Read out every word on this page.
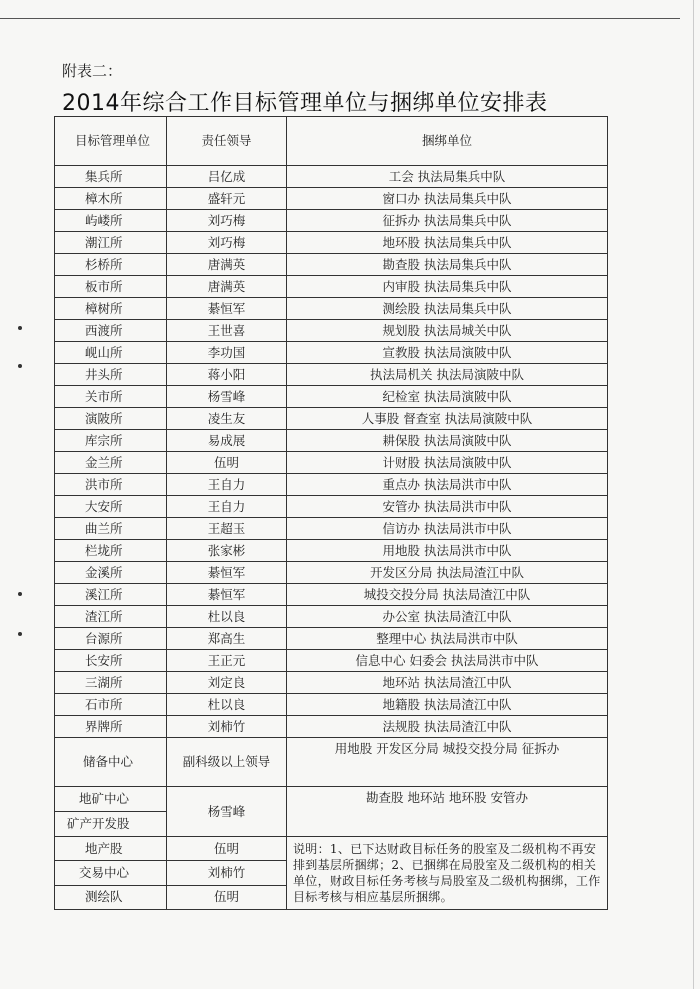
附表二：
2014年综合工作目标管理单位与捆绑单位安排表
目标管理单位	责任领导	捆绑单位
集兵所	吕亿成	工会 执法局集兵中队
樟木所	盛轩元	窗口办 执法局集兵中队
屿嵝所	刘巧梅	征拆办 执法局集兵中队
潮江所	刘巧梅	地环股 执法局集兵中队
杉桥所	唐满英	勘查股 执法局集兵中队
板市所	唐满英	内审股 执法局集兵中队
樟树所	綦恒军	测绘股 执法局集兵中队
西渡所	王世喜	规划股 执法局城关中队
岘山所	李功国	宣教股 执法局演陂中队
井头所	蒋小阳	执法局机关 执法局演陂中队
关市所	杨雪峰	纪检室 执法局演陂中队
演陂所	凌生友	人事股 督查室 执法局演陂中队
库宗所	易成展	耕保股 执法局演陂中队
金兰所	伍明	计财股 执法局演陂中队
洪市所	王自力	重点办 执法局洪市中队
大安所	王自力	安管办 执法局洪市中队
曲兰所	王超玉	信访办 执法局洪市中队
栏垅所	张家彬	用地股 执法局洪市中队
金溪所	綦恒军	开发区分局 执法局渣江中队
溪江所	綦恒军	城投交投分局 执法局渣江中队
渣江所	杜以良	办公室 执法局渣江中队
台源所	郑高生	整理中心 执法局洪市中队
长安所	王正元	信息中心 妇委会 执法局洪市中队
三湖所	刘定良	地环站 执法局渣江中队
石市所	杜以良	地籍股 执法局渣江中队
界牌所	刘柿竹	法规股 执法局渣江中队
储备中心	副科级以上领导	用地股 开发区分局 城投交投分局 征拆办
地矿中心	杨雪峰	勘查股 地环站 地环股 安管办
矿产开发股		
地产股	伍明	说明：1、已下达财政目标任务的股室及二级机构不再安排到基层所捆绑；2、已捆绑在局股室及二级机构的相关单位，财政目标任务考核与局股室及二级机构捆绑，工作目标考核与相应基层所捆绑。
交易中心	刘柿竹	
测绘队	伍明	
